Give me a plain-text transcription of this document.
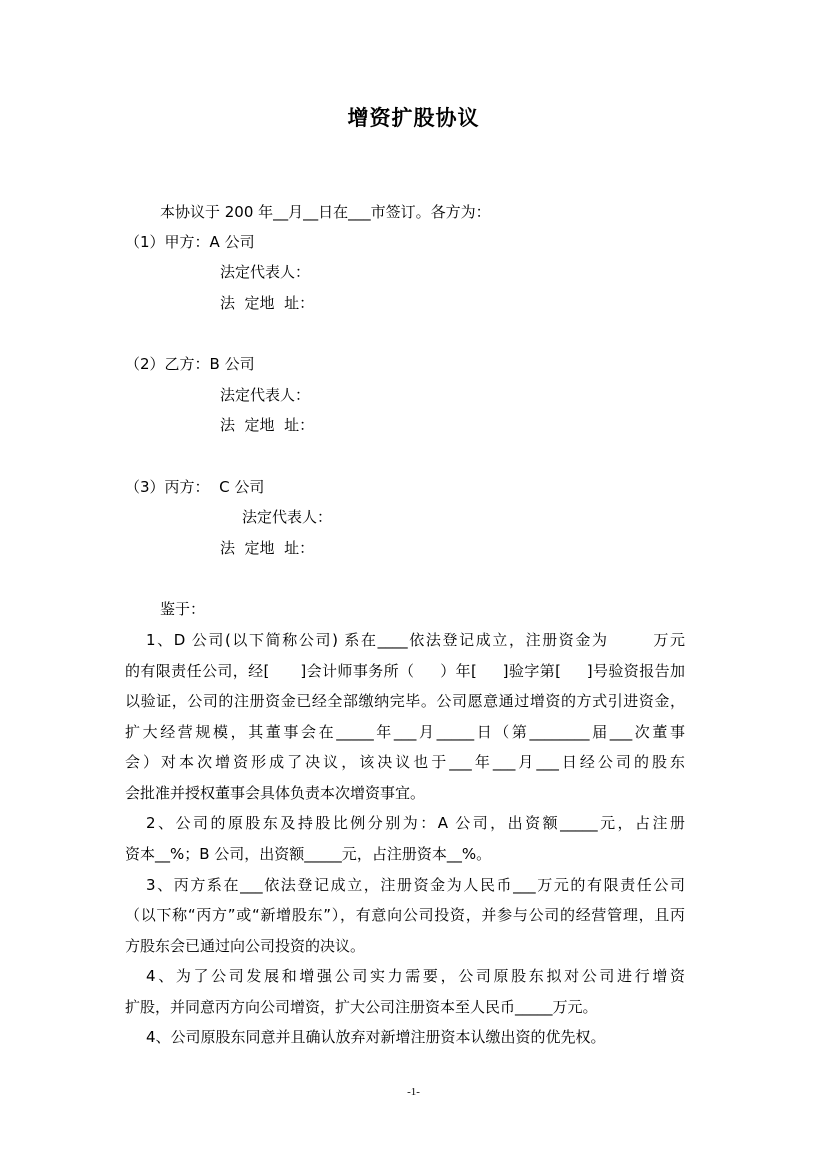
增资扩股协议
本协议于 200 年__月__日在___市签订。各方为：
（1）甲方：A 公司
法定代表人：
法  定地  址：
（2）乙方：B 公司
法定代表人：
法  定地  址：
（3）丙方：  C 公司
法定代表人：
法  定地  址：
鉴于：
1、D 公司(以下简称公司) 系在____依法登记成立，注册资金为       万元
的有限责任公司，经[      ]会计师事务所（     ）年[     ]验字第[     ]号验资报告加
以验证，公司的注册资金已经全部缴纳完毕。公司愿意通过增资的方式引进资金，
扩大经营规模，其董事会在_____年___月_____日（第________届___次董事
会）对本次增资形成了决议，该决议也于___年___月___日经公司的股东
会批准并授权董事会具体负责本次增资事宜。
2、公司的原股东及持股比例分别为：A 公司，出资额_____元，占注册
资本__%；B 公司，出资额_____元，占注册资本__%。
3、丙方系在___依法登记成立，注册资金为人民币___万元的有限责任公司
（以下称“丙方”或“新增股东”），有意向公司投资，并参与公司的经营管理，且丙
方股东会已通过向公司投资的决议。
4、为了公司发展和增强公司实力需要，公司原股东拟对公司进行增资
扩股，并同意丙方向公司增资，扩大公司注册资本至人民币_____万元。
4、公司原股东同意并且确认放弃对新增注册资本认缴出资的优先权。
-1-
